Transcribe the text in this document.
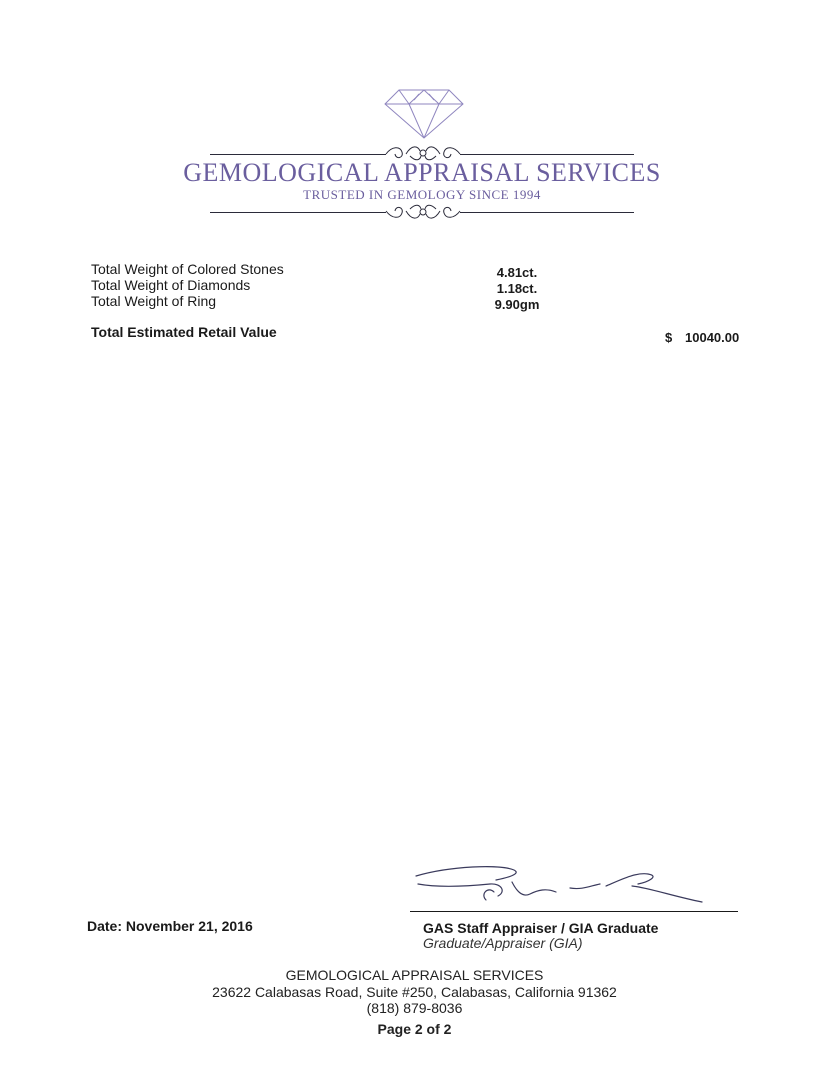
GEMOLOGICAL APPRAISAL SERVICES
TRUSTED IN GEMOLOGY SINCE 1994
Total Weight of Colored Stones	4.81ct.
Total Weight of Diamonds	1.18ct.
Total Weight of Ring	9.90gm
Total Estimated Retail Value	$ 10040.00
Date: November 21, 2016	GAS Staff Appraiser / GIA Graduate
Graduate/Appraiser (GIA)
GEMOLOGICAL APPRAISAL SERVICES
23622 Calabasas Road, Suite #250, Calabasas, California 91362
(818) 879-8036
Page 2 of 2
